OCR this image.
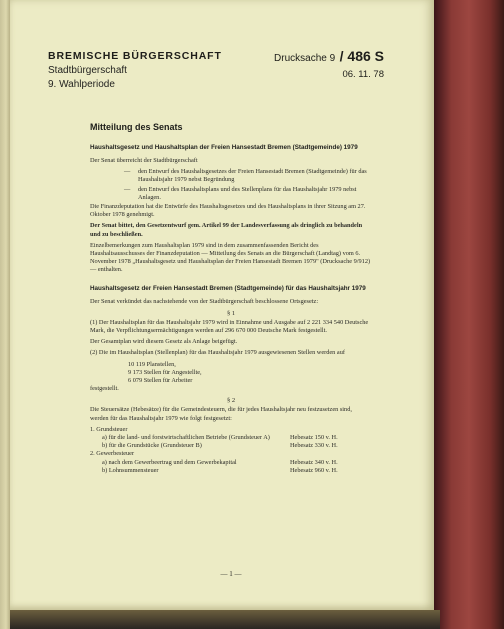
BREMISCHE BÜRGERSCHAFT
Stadtbürgerschaft
9. Wahlperiode
Drucksache 9 / 486 S
06. 11. 78
Mitteilung des Senats
Haushaltsgesetz und Haushaltsplan der Freien Hansestadt Bremen (Stadtgemeinde) 1979
Der Senat überreicht der Stadtbürgerschaft
—	den Entwurf des Haushaltsgesetzes der Freien Hansestadt Bremen (Stadtgemeinde) für das Haushaltsjahr 1979 nebst Begründung
—	den Entwurf des Haushaltsplans und des Stellenplans für das Haushaltsjahr 1979 nebst Anlagen.
Die Finanzdeputation hat die Entwürfe des Haushaltsgesetzes und des Haushaltsplans in ihrer Sitzung am 27. Oktober 1978 genehmigt.
Der Senat bittet, den Gesetzentwurf gem. Artikel 99 der Landesverfassung als dringlich zu behandeln und zu beschließen.
Einzelbemerkungen zum Haushaltsplan 1979 sind in dem zusammenfassenden Bericht des Haushaltsausschusses der Finanzdeputation — Mitteilung des Senats an die Bürgerschaft (Landtag) vom 6. November 1978 „Haushaltsgesetz und Haushaltsplan der Freien Hansestadt Bremen 1979" (Drucksache 9/912) — enthalten.
Haushaltsgesetz der Freien Hansestadt Bremen (Stadtgemeinde) für das Haushaltsjahr 1979
Der Senat verkündet das nachstehende von der Stadtbürgerschaft beschlossene Ortsgesetz:
§ 1
(1) Der Haushaltsplan für das Haushaltsjahr 1979 wird in Einnahme und Ausgabe auf 2 221 334 540 Deutsche Mark, die Verpflichtungsermächtigungen werden auf 296 670 000 Deutsche Mark festgestellt.
Der Gesamtplan wird diesem Gesetz als Anlage beigefügt.
(2) Die im Haushaltsplan (Stellenplan) für das Haushaltsjahr 1979 ausgewiesenen Stellen werden auf
10 119 Planstellen,
9 173 Stellen für Angestellte,
6 079 Stellen für Arbeiter
festgestellt.
§ 2
Die Steuersätze (Hebesätze) für die Gemeindesteuern, die für jedes Haushaltsjahr neu festzusetzen sind, werden für das Haushaltsjahr 1979 wie folgt festgesetzt:
1. Grundsteuer
a) für die land- und forstwirtschaftlichen Betriebe (Grundsteuer A)	Hebesatz 150 v. H.
b) für die Grundstücke (Grundsteuer B)	Hebesatz 330 v. H.
2. Gewerbesteuer
a) nach dem Gewerbeertrag und dem Gewerbekapital	Hebesatz 340 v. H.
b) Lohnsummensteuer	Hebesatz 960 v. H.
— 1 —
